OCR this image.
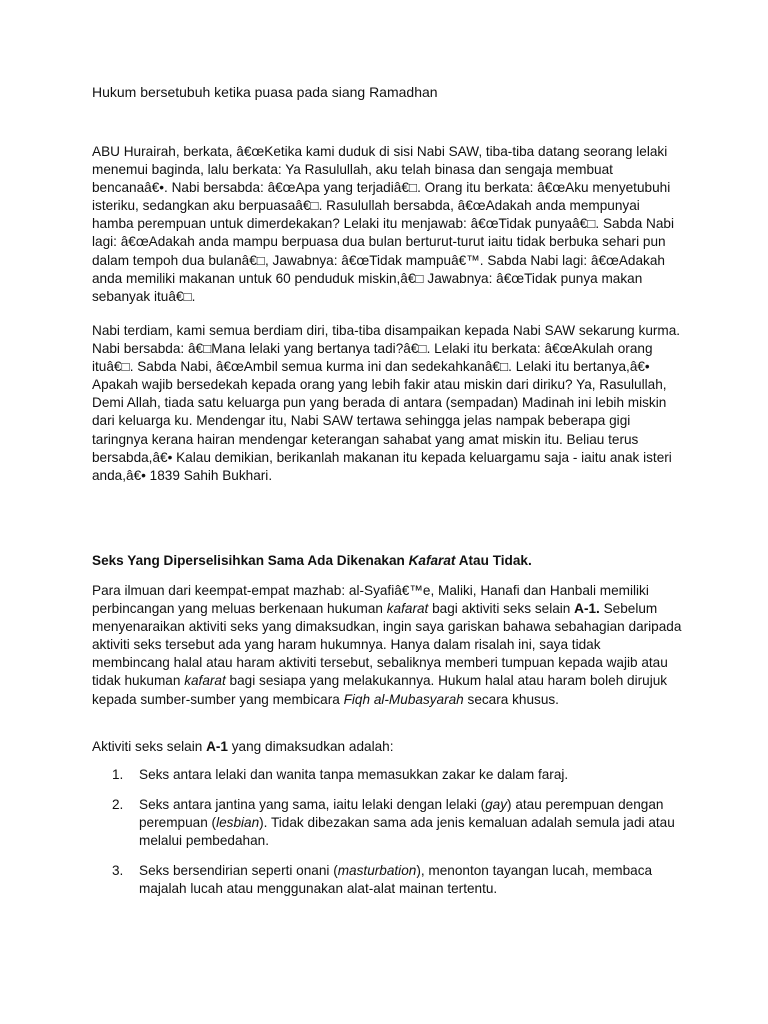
Hukum bersetubuh ketika puasa pada siang Ramadhan

ABU Hurairah, berkata, â€œKetika kami duduk di sisi Nabi SAW, tiba-tiba datang seorang lelaki menemui baginda, lalu berkata: Ya Rasulullah, aku telah binasa dan sengaja membuat bencanaâ€•. Nabi bersabda: â€œApa yang terjadiâ€□. Orang itu berkata: â€œAku menyetubuhi isteriku, sedangkan aku berpuasaâ€□. Rasulullah bersabda, â€œAdakah anda mempunyai hamba perempuan untuk dimerdekakan? Lelaki itu menjawab: â€œTidak punyaâ€□. Sabda Nabi lagi: â€œAdakah anda mampu berpuasa dua bulan berturut-turut iaitu tidak berbuka sehari pun dalam tempoh dua bulanâ€□, Jawabnya: â€œTidak mampuâ€™. Sabda Nabi lagi: â€œAdakah anda memiliki makanan untuk 60 penduduk miskin,â€□ Jawabnya: â€œTidak punya makan sebanyak ituâ€□.

Nabi terdiam, kami semua berdiam diri, tiba-tiba disampaikan kepada Nabi SAW sekarung kurma. Nabi bersabda: â€□Mana lelaki yang bertanya tadi?â€□. Lelaki itu berkata: â€œAkulah orang ituâ€□. Sabda Nabi, â€œAmbil semua kurma ini dan sedekahkanâ€□. Lelaki itu bertanya,â€• Apakah wajib bersedekah kepada orang yang lebih fakir atau miskin dari diriku? Ya, Rasulullah, Demi Allah, tiada satu keluarga pun yang berada di antara (sempadan) Madinah ini lebih miskin dari keluarga ku. Mendengar itu, Nabi SAW tertawa sehingga jelas nampak beberapa gigi taringnya kerana hairan mendengar keterangan sahabat yang amat miskin itu. Beliau terus bersabda,â€• Kalau demikian, berikanlah makanan itu kepada keluargamu saja - iaitu anak isteri anda,â€• 1839 Sahih Bukhari.

Seks Yang Diperselisihkan Sama Ada Dikenakan Kafarat Atau Tidak.

Para ilmuan dari keempat-empat mazhab: al-Syafiâ€™e, Maliki, Hanafi dan Hanbali memiliki perbincangan yang meluas berkenaan hukuman kafarat bagi aktiviti seks selain A-1. Sebelum menyenaraikan aktiviti seks yang dimaksudkan, ingin saya gariskan bahawa sebahagian daripada aktiviti seks tersebut ada yang haram hukumnya. Hanya dalam risalah ini, saya tidak membincang halal atau haram aktiviti tersebut, sebaliknya memberi tumpuan kepada wajib atau tidak hukuman kafarat bagi sesiapa yang melakukannya. Hukum halal atau haram boleh dirujuk kepada sumber-sumber yang membicara Fiqh al-Mubasyarah secara khusus.

Aktiviti seks selain A-1 yang dimaksudkan adalah:

1. Seks antara lelaki dan wanita tanpa memasukkan zakar ke dalam faraj.
2. Seks antara jantina yang sama, iaitu lelaki dengan lelaki (gay) atau perempuan dengan perempuan (lesbian). Tidak dibezakan sama ada jenis kemaluan adalah semula jadi atau melalui pembedahan.
3. Seks bersendirian seperti onani (masturbation), menonton tayangan lucah, membaca majalah lucah atau menggunakan alat-alat mainan tertentu.
